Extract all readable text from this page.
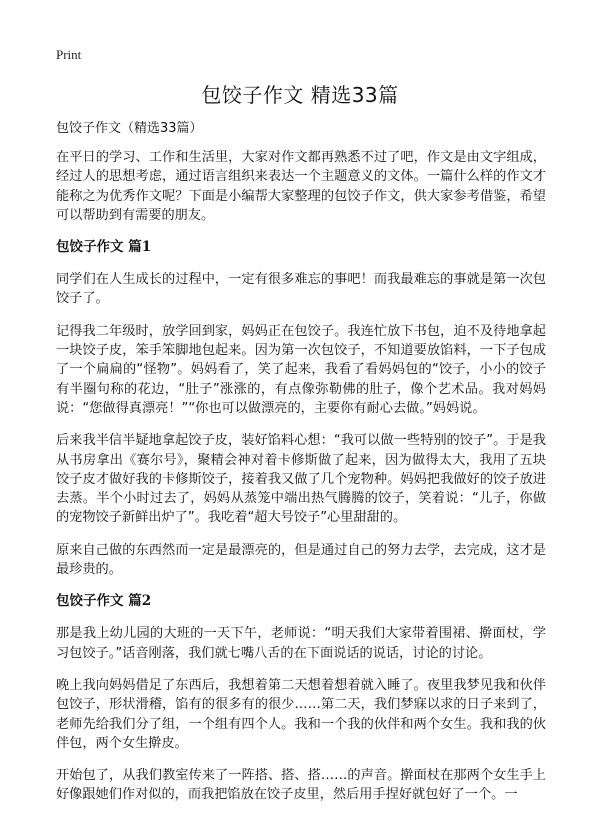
Print
包饺子作文 精选33篇

包饺子作文（精选33篇）

在平日的学习、工作和生活里，大家对作文都再熟悉不过了吧，作文是由文字组成，经过人的思想考虑，通过语言组织来表达一个主题意义的文体。一篇什么样的作文才能称之为优秀作文呢？下面是小编帮大家整理的包饺子作文，供大家参考借鉴，希望可以帮助到有需要的朋友。

包饺子作文 篇1

同学们在人生成长的过程中，一定有很多难忘的事吧！而我最难忘的事就是第一次包饺子了。

记得我二年级时，放学回到家，妈妈正在包饺子。我连忙放下书包，迫不及待地拿起一块饺子皮，笨手笨脚地包起来。因为第一次包饺子，不知道要放馅料，一下子包成了一个扁扁的“怪物”。妈妈看了，笑了起来，我看了看妈妈包的“饺子，小小的饺子有半圈句称的花边，“肚子”涨涨的，有点像弥勒佛的肚子，像个艺术品。我对妈妈说：“您做得真漂亮！”“你也可以做漂亮的，主要你有耐心去做。”妈妈说。

后来我半信半疑地拿起饺子皮，装好馅料心想：“我可以做一些特别的饺子”。于是我从书房拿出《赛尔号》，聚精会神对着卡修斯做了起来，因为做得太大，我用了五块饺子皮才做好我的卡修斯饺子，接着我又做了几个宠物种。妈妈把我做好的饺子放进去蒸。半个小时过去了，妈妈从蒸笼中端出热气腾腾的饺子，笑着说：“儿子，你做的宠物饺子新鲜出炉了”。我吃着“超大号饺子”心里甜甜的。

原来自己做的东西然而一定是最漂亮的，但是通过自己的努力去学，去完成，这才是最珍贵的。

包饺子作文 篇2

那是我上幼儿园的大班的一天下午，老师说：“明天我们大家带着围裙、擀面杖，学习包饺子。”话音刚落，我们就七嘴八舌的在下面说话的说话，讨论的讨论。

晚上我向妈妈借足了东西后，我想着第二天想着想着就入睡了。夜里我梦见我和伙伴包饺子，形状滑稽，馅有的很多有的很少……第二天，我们梦寐以求的日子来到了，老师先给我们分了组，一个组有四个人。我和一个我的伙伴和两个女生。我和我的伙伴包，两个女生擀皮。

开始包了，从我们教室传来了一阵搭、搭、搭……的声音。擀面杖在那两个女生手上好像跟她们作对似的，而我把馅放在饺子皮里，然后用手捏好就包好了一个。一
